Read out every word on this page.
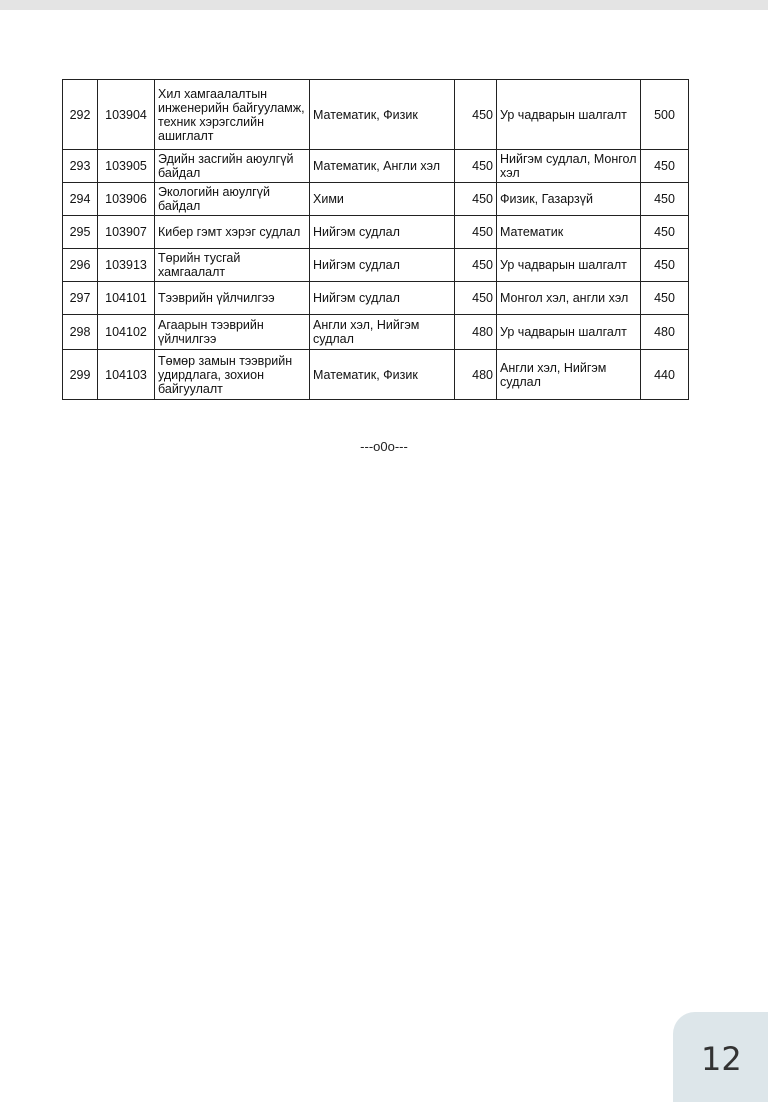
292	103904	Хил хамгаалалтын инженерийн байгууламж, техник хэрэгслийн ашиглалт	Математик, Физик	450	Ур чадварын шалгалт	500
293	103905	Эдийн засгийн аюулгүй байдал	Математик, Англи хэл	450	Нийгэм судлал, Монгол хэл	450
294	103906	Экологийн аюулгүй байдал	Хими	450	Физик, Газарзүй	450
295	103907	Кибер гэмт хэрэг судлал	Нийгэм судлал	450	Математик	450
296	103913	Төрийн тусгай хамгаалалт	Нийгэм судлал	450	Ур чадварын шалгалт	450
297	104101	Тээврийн үйлчилгээ	Нийгэм судлал	450	Монгол хэл, англи хэл	450
298	104102	Агаарын тээврийн үйлчилгээ	Англи хэл, Нийгэм судлал	480	Ур чадварын шалгалт	480
299	104103	Төмөр замын тээврийн удирдлага, зохион байгуулалт	Математик, Физик	480	Англи хэл, Нийгэм судлал	440
---o0o---
12
